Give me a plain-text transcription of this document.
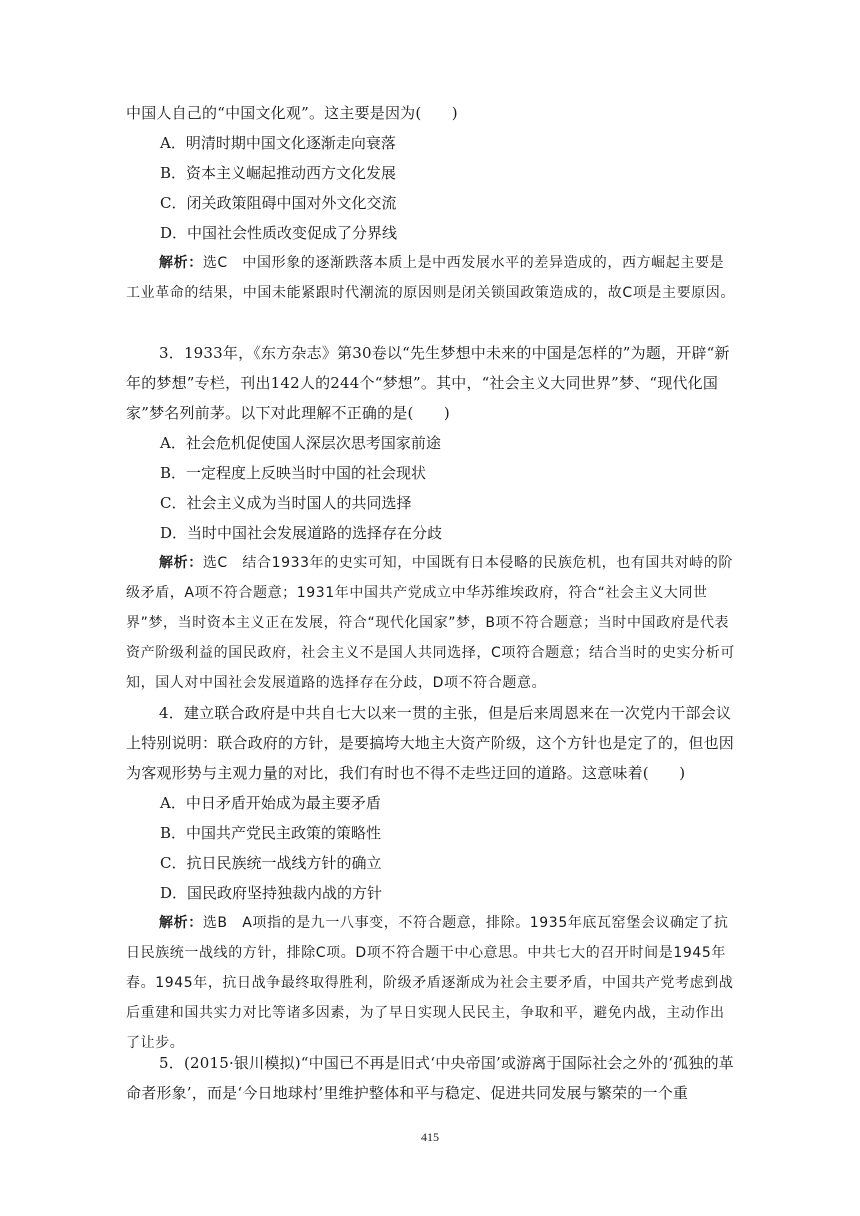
中国人自己的“中国文化观”。这主要是因为(　　)

A．明清时期中国文化逐渐走向衰落
B．资本主义崛起推动西方文化发展
C．闭关政策阻碍中国对外文化交流
D．中国社会性质改变促成了分界线

解析：选C　中国形象的逐渐跌落本质上是中西发展水平的差异造成的，西方崛起主要是工业革命的结果，中国未能紧跟时代潮流的原因则是闭关锁国政策造成的，故C项是主要原因。

3．1933年，《东方杂志》第30卷以“先生梦想中未来的中国是怎样的”为题，开辟“新年的梦想”专栏，刊出142人的244个“梦想”。其中，“社会主义大同世界”梦、“现代化国家”梦名列前茅。以下对此理解不正确的是(　　)

A．社会危机促使国人深层次思考国家前途
B．一定程度上反映当时中国的社会现状
C．社会主义成为当时国人的共同选择
D．当时中国社会发展道路的选择存在分歧

解析：选C　结合1933年的史实可知，中国既有日本侵略的民族危机，也有国共对峙的阶级矛盾，A项不符合题意；1931年中国共产党成立中华苏维埃政府，符合“社会主义大同世界”梦，当时资本主义正在发展，符合“现代化国家”梦，B项不符合题意；当时中国政府是代表资产阶级利益的国民政府，社会主义不是国人共同选择，C项符合题意；结合当时的史实分析可知，国人对中国社会发展道路的选择存在分歧，D项不符合题意。

4．建立联合政府是中共自七大以来一贯的主张，但是后来周恩来在一次党内干部会议上特别说明：联合政府的方针，是要搞垮大地主大资产阶级，这个方针也是定了的，但也因为客观形势与主观力量的对比，我们有时也不得不走些迂回的道路。这意味着(　　)

A．中日矛盾开始成为最主要矛盾
B．中国共产党民主政策的策略性
C．抗日民族统一战线方针的确立
D．国民政府坚持独裁内战的方针

解析：选B　A项指的是九一八事变，不符合题意，排除。1935年底瓦窑堡会议确定了抗日民族统一战线的方针，排除C项。D项不符合题干中心意思。中共七大的召开时间是1945年春。1945年，抗日战争最终取得胜利，阶级矛盾逐渐成为社会主要矛盾，中国共产党考虑到战后重建和国共实力对比等诸多因素，为了早日实现人民民主，争取和平，避免内战，主动作出了让步。

5．(2015·银川模拟)“中国已不再是旧式‘中央帝国’或游离于国际社会之外的‘孤独的革命者形象’，而是‘今日地球村’里维护整体和平与稳定、促进共同发展与繁荣的一个重

415
